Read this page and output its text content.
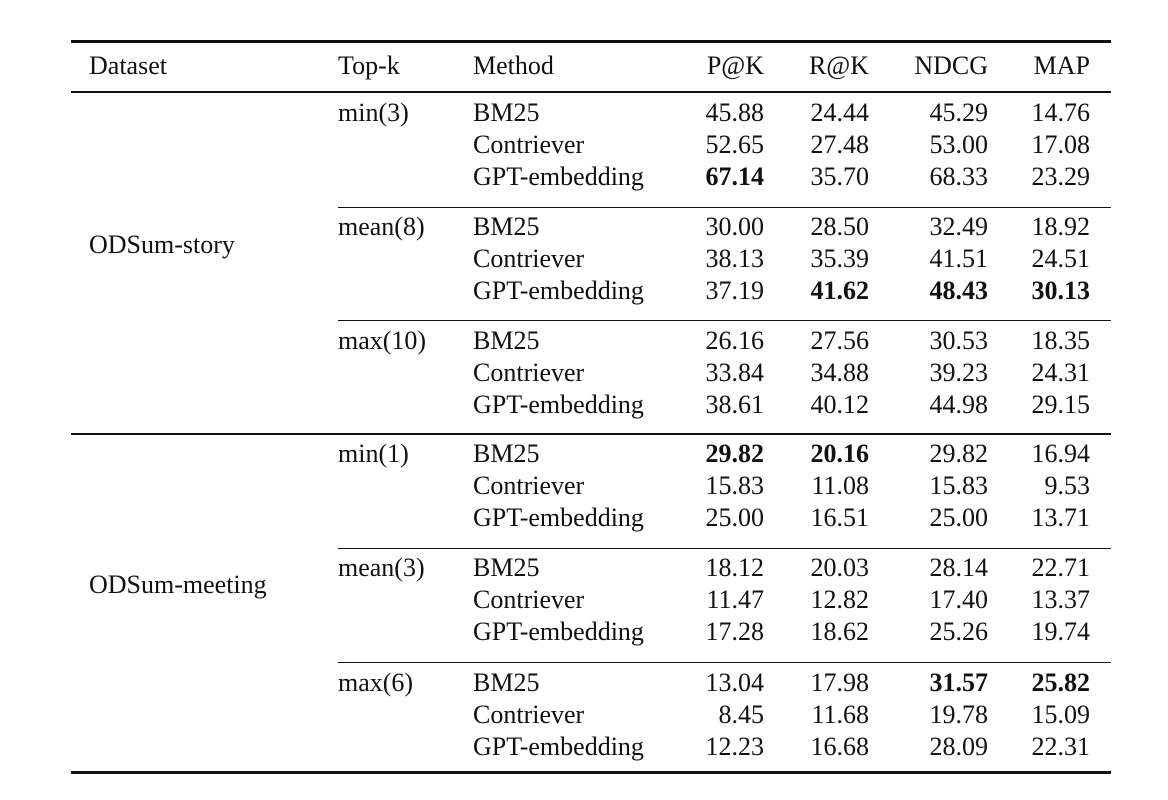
Dataset	Top-k	Method	P@K	R@K	NDCG	MAP
ODSum-story
min(3) BM25	45.88	24.44	45.29	14.76
Contriever	52.65	27.48	53.00	17.08
GPT-embedding	67.14	35.70	68.33	23.29
mean(8) BM25	30.00	28.50	32.49	18.92
Contriever	38.13	35.39	41.51	24.51
GPT-embedding	37.19	41.62	48.43	30.13
max(10) BM25	26.16	27.56	30.53	18.35
Contriever	33.84	34.88	39.23	24.31
GPT-embedding	38.61	40.12	44.98	29.15
ODSum-meeting
min(1) BM25	29.82	20.16	29.82	16.94
Contriever	15.83	11.08	15.83	9.53
GPT-embedding	25.00	16.51	25.00	13.71
mean(3) BM25	18.12	20.03	28.14	22.71
Contriever	11.47	12.82	17.40	13.37
GPT-embedding	17.28	18.62	25.26	19.74
max(6) BM25	13.04	17.98	31.57	25.82
Contriever	8.45	11.68	19.78	15.09
GPT-embedding	12.23	16.68	28.09	22.31
